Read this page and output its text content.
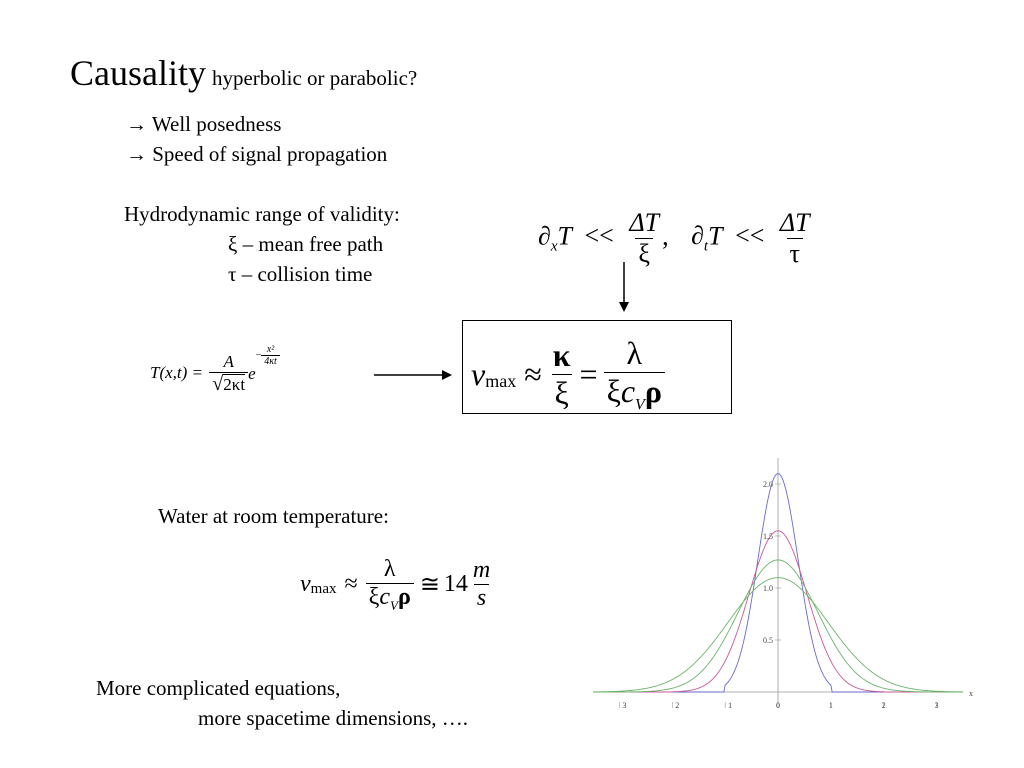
Causality hyperbolic or parabolic?
→ Well posedness
→ Speed of signal propagation
Hydrodynamic range of validity:
ξ – mean free path
τ – collision time
$\partial_xT << \frac{\Delta T}{\xi}$ , $\partial_tT << \frac{\Delta T}{\tau}$
$T(x,t) = \frac{A}{√2\kappa t} e^{- \frac{\text{x²}}{4\kappa t}}$
v $\max \approx \frac{\kappa}{\xi} = \frac{\lambda}{\xi c_V\rho}$
Water at room temperature:
v $\max \approx \frac{\lambda}{\xi c_V\rho}$ ≅ $14 \frac{m}{s}$
More complicated equations,
more spacetime dimensions, ….
3	2	1	0	1	2	3
0.5
1.0
1.5
2.0
x
